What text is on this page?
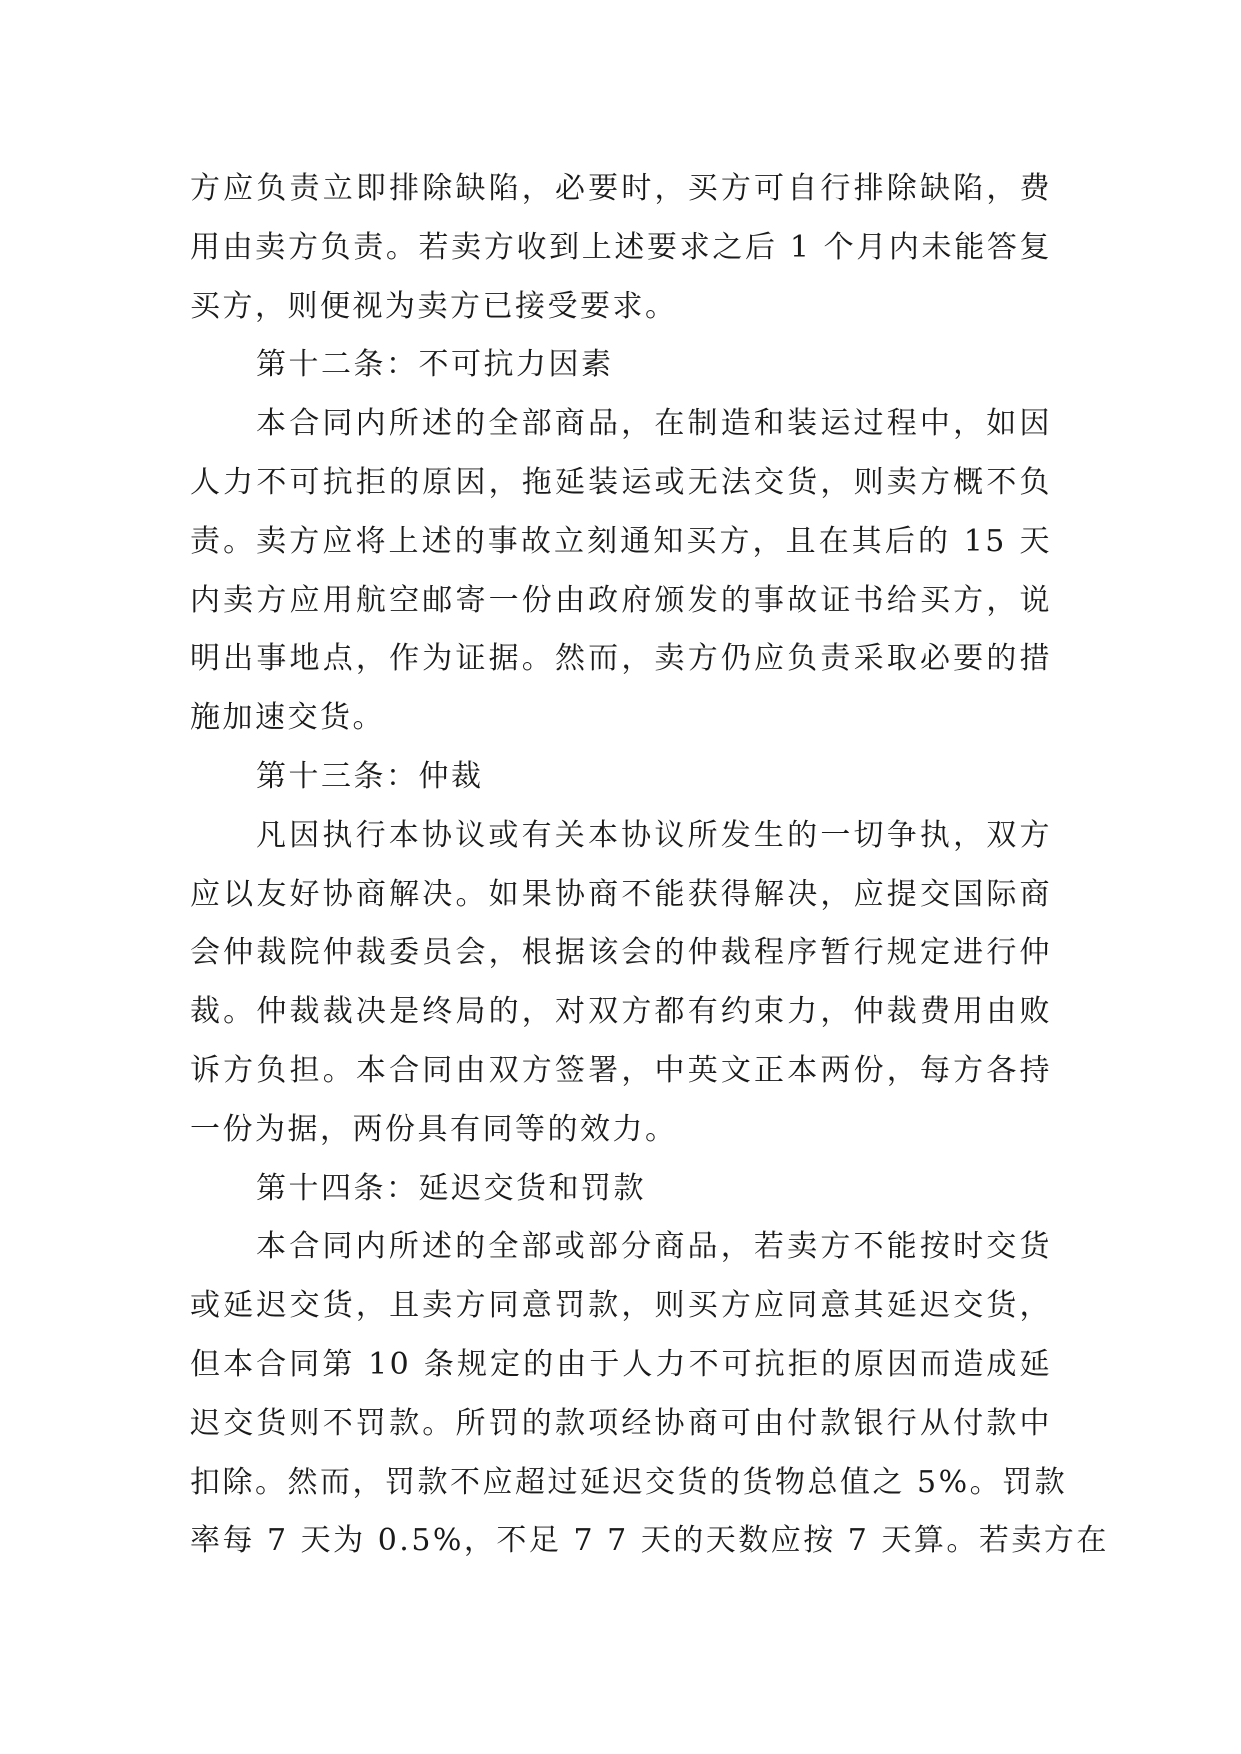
方应负责立即排除缺陷，必要时，买方可自行排除缺陷，费
用由卖方负责。若卖方收到上述要求之后 1 个月内未能答复
买方，则便视为卖方已接受要求。
第十二条：不可抗力因素
本合同内所述的全部商品，在制造和装运过程中，如因
人力不可抗拒的原因，拖延装运或无法交货，则卖方概不负
责。卖方应将上述的事故立刻通知买方，且在其后的 15 天
内卖方应用航空邮寄一份由政府颁发的事故证书给买方，说
明出事地点，作为证据。然而，卖方仍应负责采取必要的措
施加速交货。
第十三条：仲裁
凡因执行本协议或有关本协议所发生的一切争执，双方
应以友好协商解决。如果协商不能获得解决，应提交国际商
会仲裁院仲裁委员会，根据该会的仲裁程序暂行规定进行仲
裁。仲裁裁决是终局的，对双方都有约束力，仲裁费用由败
诉方负担。本合同由双方签署，中英文正本两份，每方各持
一份为据，两份具有同等的效力。
第十四条：延迟交货和罚款
本合同内所述的全部或部分商品，若卖方不能按时交货
或延迟交货，且卖方同意罚款，则买方应同意其延迟交货，
但本合同第 10 条规定的由于人力不可抗拒的原因而造成延
迟交货则不罚款。所罚的款项经协商可由付款银行从付款中
扣除。然而，罚款不应超过延迟交货的货物总值之 5%。罚款
率每 7 天为 0.5%，不足 7 7 天的天数应按 7 天算。若卖方在
